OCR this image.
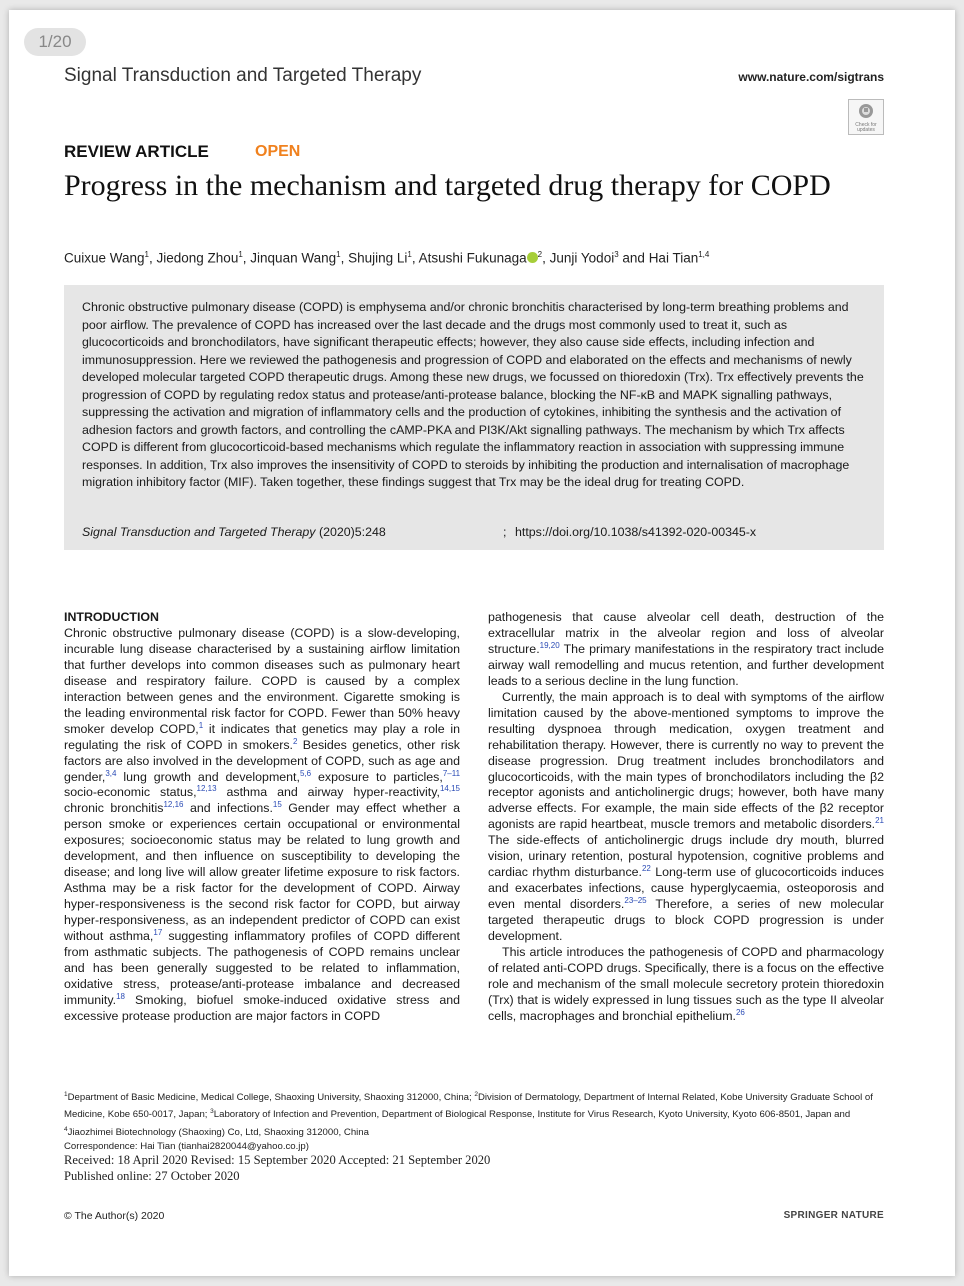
1/20
Signal Transduction and Targeted Therapy	www.nature.com/sigtrans
Check for updates
REVIEW ARTICLE	OPEN
Progress in the mechanism and targeted drug therapy for COPD
Cuixue Wang$^1$, Jiedong Zhou$^1$, Jinquan Wang$^1$, Shujing Li$^1$, Atsushi Fukunaga $^2$, Junji Yodoi$^3$ and Hai Tian$^{1,4}$
Chronic obstructive pulmonary disease (COPD) is emphysema and/or chronic bronchitis characterised by long-term breathing problems and poor airflow. The prevalence of COPD has increased over the last decade and the drugs most commonly used to treat it, such as glucocorticoids and bronchodilators, have significant therapeutic effects; however, they also cause side effects, including infection and immunosuppression. Here we reviewed the pathogenesis and progression of COPD and elaborated on the effects and mechanisms of newly developed molecular targeted COPD therapeutic drugs. Among these new drugs, we focussed on thioredoxin (Trx). Trx effectively prevents the progression of COPD by regulating redox status and protease/anti-protease balance, blocking the NF-κB and MAPK signalling pathways, suppressing the activation and migration of inflammatory cells and the production of cytokines, inhibiting the synthesis and the activation of adhesion factors and growth factors, and controlling the cAMP-PKA and PI3K/Akt signalling pathways. The mechanism by which Trx affects COPD is different from glucocorticoid-based mechanisms which regulate the inflammatory reaction in association with suppressing immune responses. In addition, Trx also improves the insensitivity of COPD to steroids by inhibiting the production and internalisation of macrophage migration inhibitory factor (MIF). Taken together, these findings suggest that Trx may be the ideal drug for treating COPD.
Signal Transduction and Targeted Therapy (2020)5:248	; https://doi.org/10.1038/s41392-020-00345-x
INTRODUCTION

Chronic obstructive pulmonary disease (COPD) is a slow-developing, incurable lung disease characterised by a sustaining airflow limitation that further develops into common diseases such as pulmonary heart disease and respiratory failure. COPD is caused by a complex interaction between genes and the environment. Cigarette smoking is the leading environmental risk factor for COPD. Fewer than 50% heavy smoker develop COPD,$^1$ it indicates that genetics may play a role in regulating the risk of COPD in smokers.$^2$ Besides genetics, other risk factors are also involved in the development of COPD, such as age and gender,$^{3,4}$ lung growth and development,$^{5,6}$ exposure to particles,$^{7-11}$ socio-economic status,$^{12,13}$ asthma and airway hyper-reactivity,$^{14,15}$ chronic bronchitis$^{12,16}$ and infections.$^{15}$ Gender may effect whether a person smoke or experiences certain occupational or environmental exposures; socioeconomic status may be related to lung growth and development, and then influence on susceptibility to developing the disease; and long live will allow greater lifetime exposure to risk factors. Asthma may be a risk factor for the development of COPD. Airway hyper-responsiveness is the second risk factor for COPD, but airway hyper-responsiveness, as an independent predictor of COPD can exist without asthma,$^{17}$ suggesting inflammatory profiles of COPD different from asthmatic subjects. The pathogenesis of COPD remains unclear and has been generally suggested to be related to inflammation, oxidative stress, protease/anti-protease imbalance and decreased immunity.$^{18}$ Smoking, biofuel smoke-induced oxidative stress and excessive protease production are major factors in COPD

pathogenesis that cause alveolar cell death, destruction of the extracellular matrix in the alveolar region and loss of alveolar structure.$^{19,20}$ The primary manifestations in the respiratory tract include airway wall remodelling and mucus retention, and further development leads to a serious decline in the lung function.

Currently, the main approach is to deal with symptoms of the airflow limitation caused by the above-mentioned symptoms to improve the resulting dyspnoea through medication, oxygen treatment and rehabilitation therapy. However, there is currently no way to prevent the disease progression. Drug treatment includes bronchodilators and glucocorticoids, with the main types of bronchodilators including the β2 receptor agonists and anticholinergic drugs; however, both have many adverse effects. For example, the main side effects of the β2 receptor agonists are rapid heartbeat, muscle tremors and metabolic disorders.$^{21}$ The side-effects of anticholinergic drugs include dry mouth, blurred vision, urinary retention, postural hypotension, cognitive problems and cardiac rhythm disturbance.$^{22}$ Long-term use of glucocorticoids induces and exacerbates infections, cause hyperglycaemia, osteoporosis and even mental disorders.$^{23-25}$ Therefore, a series of new molecular targeted therapeutic drugs to block COPD progression is under development.

This article introduces the pathogenesis of COPD and pharmacology of related anti-COPD drugs. Specifically, there is a focus on the effective role and mechanism of the small molecule secretory protein thioredoxin (Trx) that is widely expressed in lung tissues such as the type II alveolar cells, macrophages and bronchial epithelium.$^{26}$

$^1$Department of Basic Medicine, Medical College, Shaoxing University, Shaoxing 312000, China; $^2$Division of Dermatology, Department of Internal Related, Kobe University Graduate School of Medicine, Kobe 650-0017, Japan; $^3$Laboratory of Infection and Prevention, Department of Biological Response, Institute for Virus Research, Kyoto University, Kyoto 606-8501, Japan and $^4$Jiaozhimei Biotechnology (Shaoxing) Co, Ltd, Shaoxing 312000, China
Correspondence: Hai Tian (tianhai2820044@yahoo.co.jp)
Received: 18 April 2020 Revised: 15 September 2020 Accepted: 21 September 2020
Published online: 27 October 2020
© The Author(s) 2020	SPRINGER NATURE
